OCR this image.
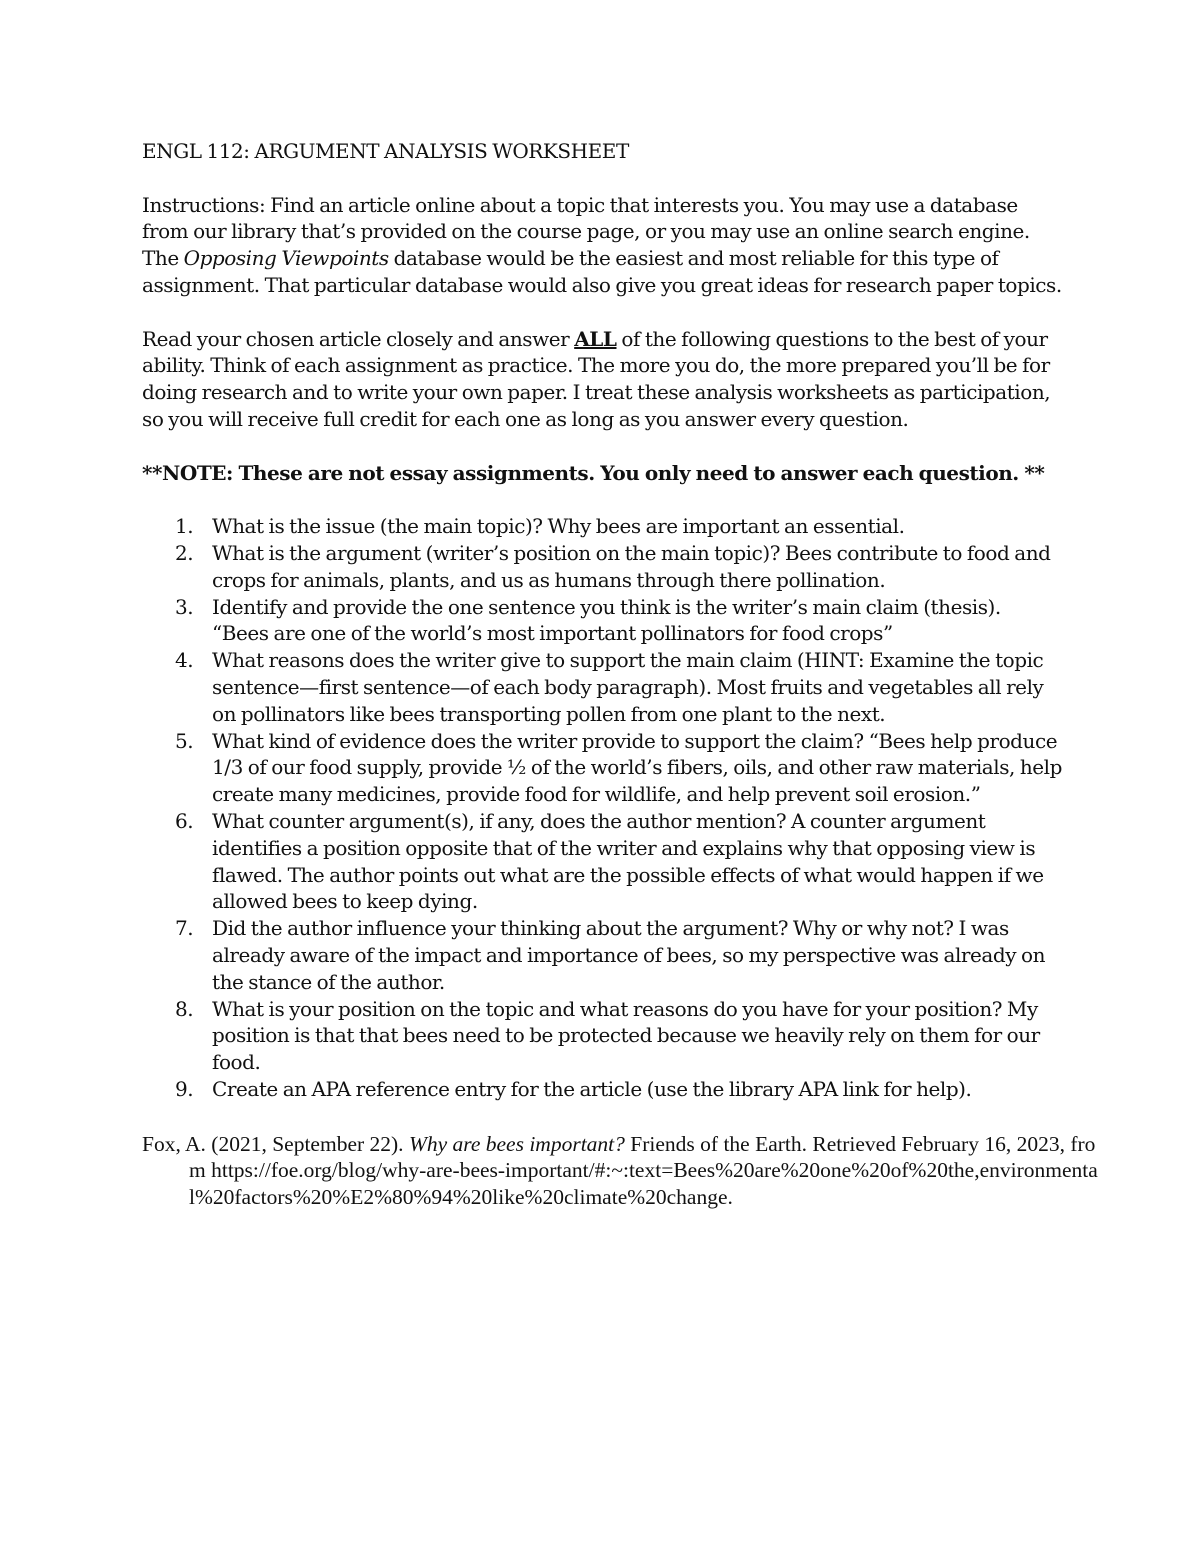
ENGL 112: ARGUMENT ANALYSIS WORKSHEET

Instructions: Find an article online about a topic that interests you. You may use a database from our library that’s provided on the course page, or you may use an online search engine. The Opposing Viewpoints database would be the easiest and most reliable for this type of assignment. That particular database would also give you great ideas for research paper topics.

Read your chosen article closely and answer ALL of the following questions to the best of your ability. Think of each assignment as practice. The more you do, the more prepared you’ll be for doing research and to write your own paper. I treat these analysis worksheets as participation, so you will receive full credit for each one as long as you answer every question.

**NOTE: These are not essay assignments. You only need to answer each question. **

1. What is the issue (the main topic)? Why bees are important an essential.
2. What is the argument (writer’s position on the main topic)? Bees contribute to food and crops for animals, plants, and us as humans through there pollination.
3. Identify and provide the one sentence you think is the writer’s main claim (thesis). “Bees are one of the world’s most important pollinators for food crops”
4. What reasons does the writer give to support the main claim (HINT: Examine the topic sentence—first sentence—of each body paragraph). Most fruits and vegetables all rely on pollinators like bees transporting pollen from one plant to the next.
5. What kind of evidence does the writer provide to support the claim? “Bees help produce 1/3 of our food supply, provide ½ of the world’s fibers, oils, and other raw materials, help create many medicines, provide food for wildlife, and help prevent soil erosion.”
6. What counter argument(s), if any, does the author mention? A counter argument identifies a position opposite that of the writer and explains why that opposing view is flawed. The author points out what are the possible effects of what would happen if we allowed bees to keep dying.
7. Did the author influence your thinking about the argument? Why or why not? I was already aware of the impact and importance of bees, so my perspective was already on the stance of the author.
8. What is your position on the topic and what reasons do you have for your position? My position is that that bees need to be protected because we heavily rely on them for our food.
9. Create an APA reference entry for the article (use the library APA link for help).

Fox, A. (2021, September 22). Why are bees important? Friends of the Earth. Retrieved February 16, 2023, from https://foe.org/blog/why-are-bees-important/#:~:text=Bees%20are%20one%20of%20the,environmental%20factors%20%E2%80%94%20like%20climate%20change.
